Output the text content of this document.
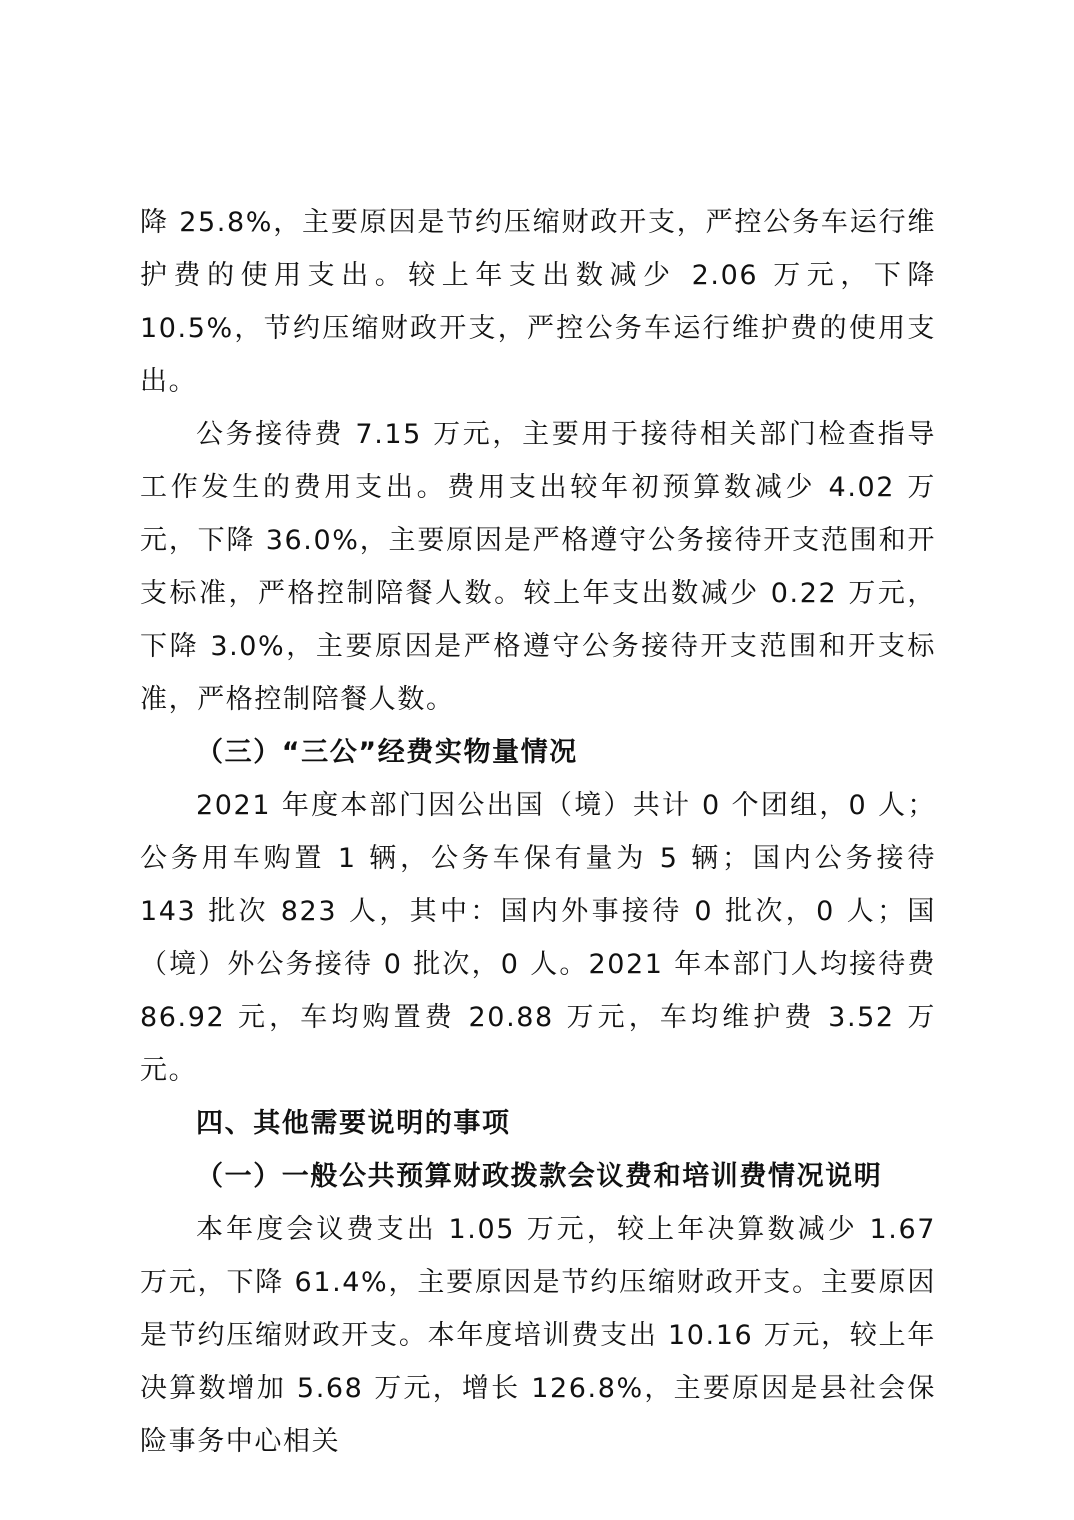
降 25.8%，主要原因是节约压缩财政开支，严控公务车运行维护费的使用支出。较上年支出数减少 2.06 万元，下降 10.5%，节约压缩财政开支，严控公务车运行维护费的使用支出。

公务接待费 7.15 万元，主要用于接待相关部门检查指导工作发生的费用支出。费用支出较年初预算数减少 4.02 万元，下降 36.0%，主要原因是严格遵守公务接待开支范围和开支标准，严格控制陪餐人数。较上年支出数减少 0.22 万元，下降 3.0%，主要原因是严格遵守公务接待开支范围和开支标准，严格控制陪餐人数。

（三）“三公”经费实物量情况

2021 年度本部门因公出国（境）共计 0 个团组，0 人；公务用车购置 1 辆，公务车保有量为 5 辆；国内公务接待 143 批次 823 人，其中：国内外事接待 0 批次，0 人；国（境）外公务接待 0 批次，0 人。2021 年本部门人均接待费 86.92 元，车均购置费 20.88 万元，车均维护费 3.52 万元。

四、其他需要说明的事项

（一）一般公共预算财政拨款会议费和培训费情况说明

本年度会议费支出 1.05 万元，较上年决算数减少 1.67 万元，下降 61.4%，主要原因是节约压缩财政开支。主要原因是节约压缩财政开支。本年度培训费支出 10.16 万元，较上年决算数增加 5.68 万元，增长 126.8%，主要原因是县社会保险事务中心相关
